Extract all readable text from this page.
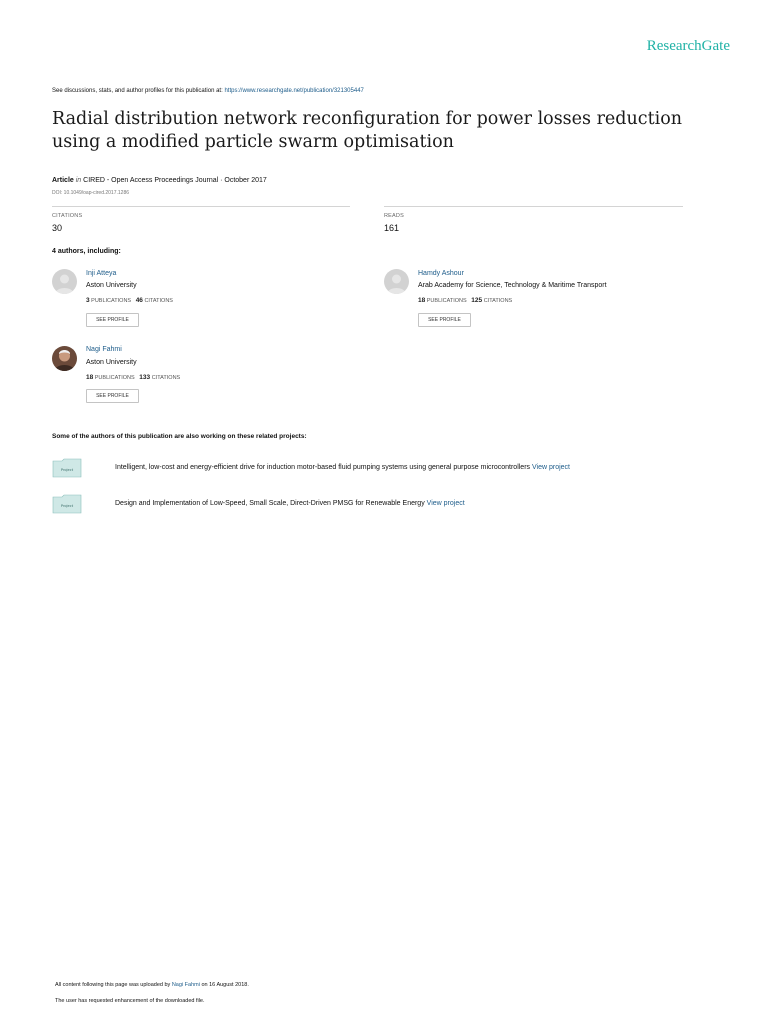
ResearchGate
See discussions, stats, and author profiles for this publication at: https://www.researchgate.net/publication/321305447
Radial distribution network reconfiguration for power losses reduction using a modified particle swarm optimisation
Article in CIRED - Open Access Proceedings Journal · October 2017
DOI: 10.1049/oap-cired.2017.1286
CITATIONS
30
READS
161
4 authors, including:
Inji Atteya
Aston University
3 PUBLICATIONS 46 CITATIONS
SEE PROFILE
Hamdy Ashour
Arab Academy for Science, Technology & Maritime Transport
18 PUBLICATIONS 125 CITATIONS
SEE PROFILE
Nagi Fahmi
Aston University
18 PUBLICATIONS 133 CITATIONS
SEE PROFILE
Some of the authors of this publication are also working on these related projects:
Project	Intelligent, low-cost and energy-efficient drive for induction motor-based fluid pumping systems using general purpose microcontrollers View project
Project	Design and Implementation of Low-Speed, Small Scale, Direct-Driven PMSG for Renewable Energy View project
All content following this page was uploaded by Nagi Fahmi on 16 August 2018.
The user has requested enhancement of the downloaded file.
